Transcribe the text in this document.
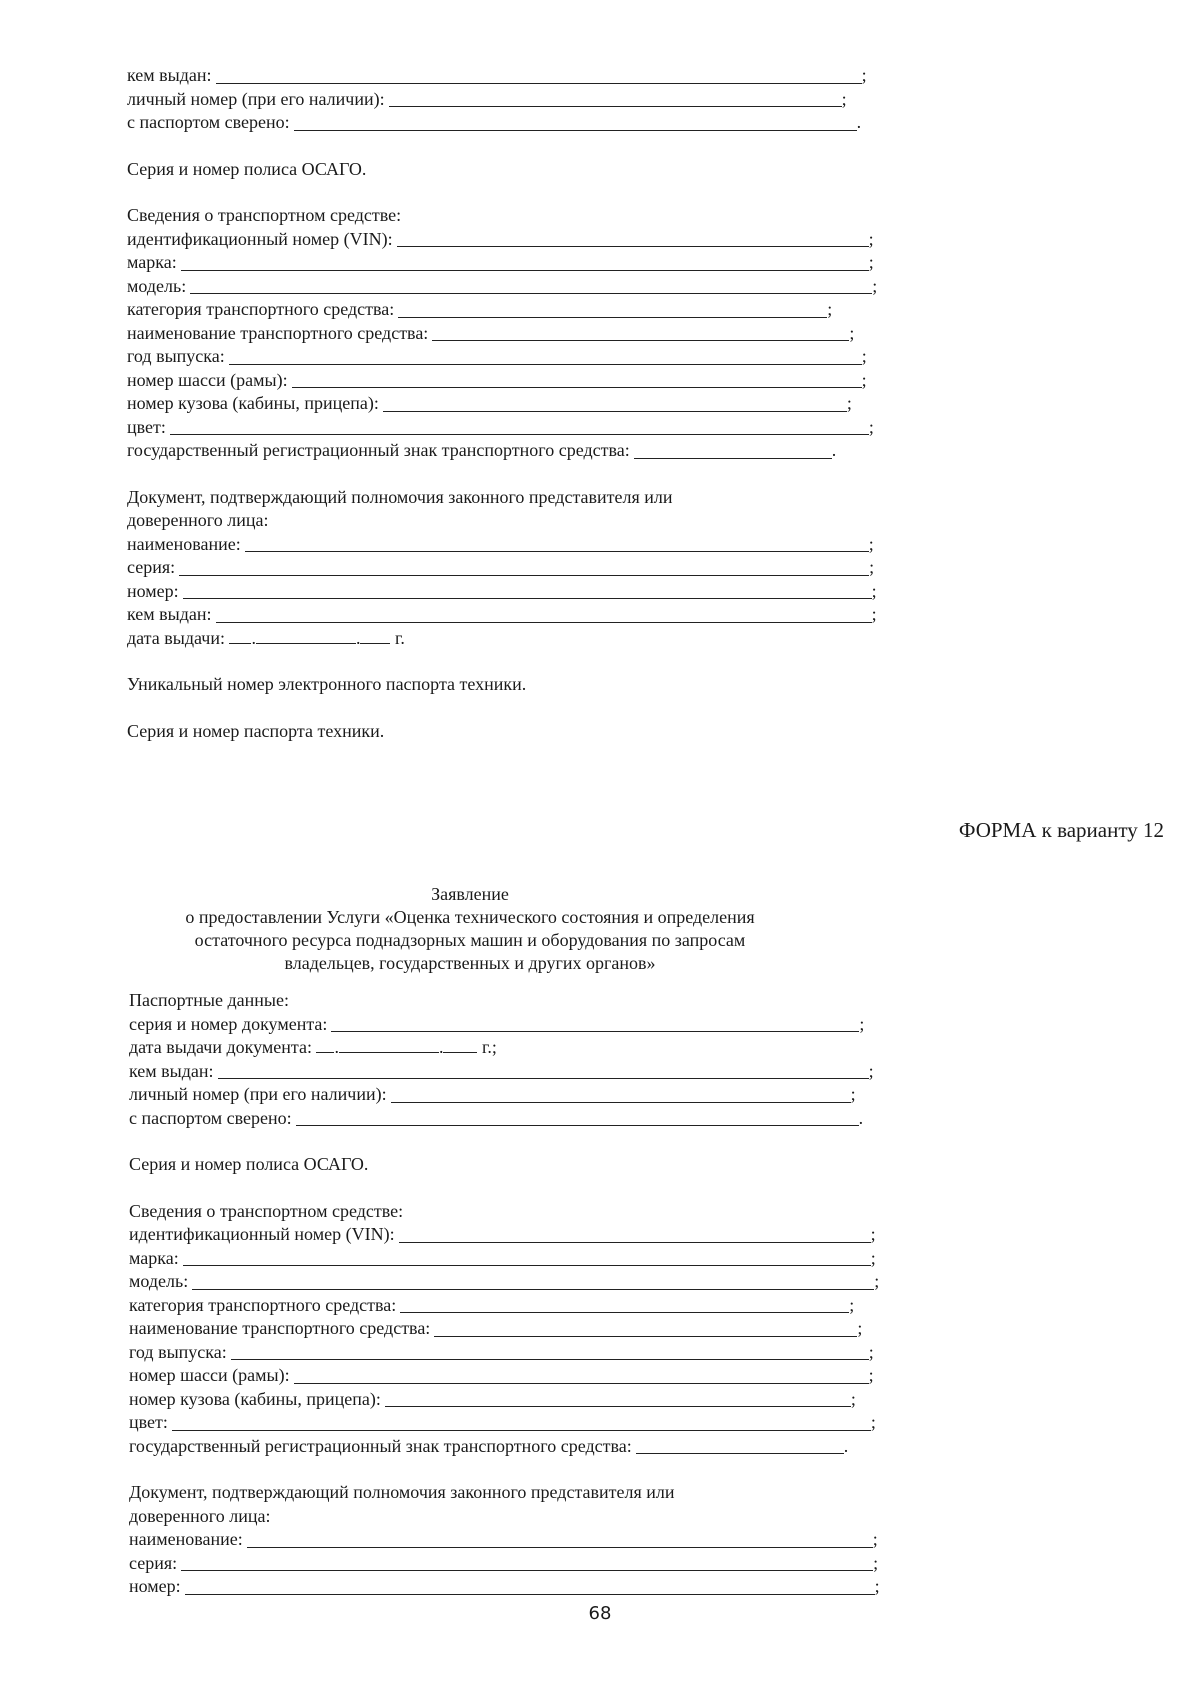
кем выдан:	;
личный номер (при его наличии):	;
с паспортом сверено:	.
Серия и номер полиса ОСАГО.
Сведения о транспортном средстве:
идентификационный номер (VIN):	;
марка:	;
модель:	;
категория транспортного средства:	;
наименование транспортного средства:	;
год выпуска:	;
номер шасси (рамы):	;
номер кузова (кабины, прицепа):	;
цвет:	;
государственный регистрационный знак транспортного средства:	.
Документ, подтверждающий полномочия законного представителя или
доверенного лица:
наименование:	;
серия:	;
номер:	;
кем выдан:	;
дата выдачи: .	. г.
Уникальный номер электронного паспорта техники.
Серия и номер паспорта техники.
ФОРМА к варианту 12
Заявление
о предоставлении Услуги «Оценка технического состояния и определения
остаточного ресурса поднадзорных машин и оборудования по запросам
владельцев, государственных и других органов»
Паспортные данные:
серия и номер документа:	;
дата выдачи документа: .	. г.;
кем выдан:	;
личный номер (при его наличии):	;
с паспортом сверено:	.
Серия и номер полиса ОСАГО.
Сведения о транспортном средстве:
идентификационный номер (VIN):	;
марка:	;
модель:	;
категория транспортного средства:	;
наименование транспортного средства:	;
год выпуска:	;
номер шасси (рамы):	;
номер кузова (кабины, прицепа):	;
цвет:	;
государственный регистрационный знак транспортного средства:	.
Документ, подтверждающий полномочия законного представителя или
доверенного лица:
наименование:	;
серия:	;
номер:	;
68
